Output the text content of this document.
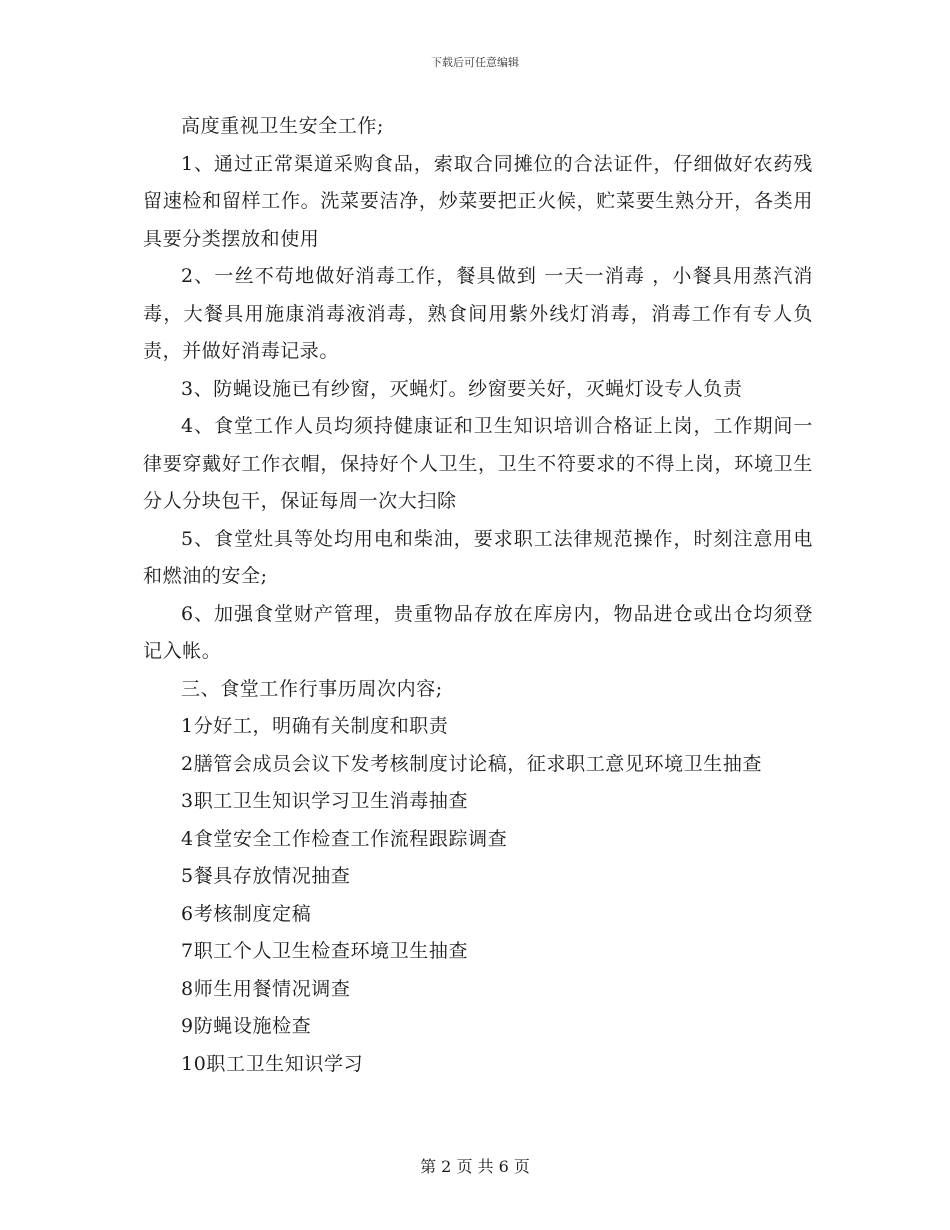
下载后可任意编辑

高度重视卫生安全工作;

1、通过正常渠道采购食品，索取合同摊位的合法证件，仔细做好农药残留速检和留样工作。洗菜要洁净，炒菜要把正火候，贮菜要生熟分开，各类用具要分类摆放和使用

2、一丝不苟地做好消毒工作，餐具做到 一天一消毒 ，小餐具用蒸汽消毒，大餐具用施康消毒液消毒，熟食间用紫外线灯消毒，消毒工作有专人负责，并做好消毒记录。

3、防蝇设施已有纱窗，灭蝇灯。纱窗要关好，灭蝇灯设专人负责

4、食堂工作人员均须持健康证和卫生知识培训合格证上岗，工作期间一律要穿戴好工作衣帽，保持好个人卫生，卫生不符要求的不得上岗，环境卫生分人分块包干，保证每周一次大扫除

5、食堂灶具等处均用电和柴油，要求职工法律规范操作，时刻注意用电和燃油的安全;

6、加强食堂财产管理，贵重物品存放在库房内，物品进仓或出仓均须登记入帐。

三、食堂工作行事历周次内容;

1分好工，明确有关制度和职责

2膳管会成员会议下发考核制度讨论稿，征求职工意见环境卫生抽查

3职工卫生知识学习卫生消毒抽查

4食堂安全工作检查工作流程跟踪调查

5餐具存放情况抽查

6考核制度定稿

7职工个人卫生检查环境卫生抽查

8师生用餐情况调查

9防蝇设施检查

10职工卫生知识学习

第 2 页 共 6 页
